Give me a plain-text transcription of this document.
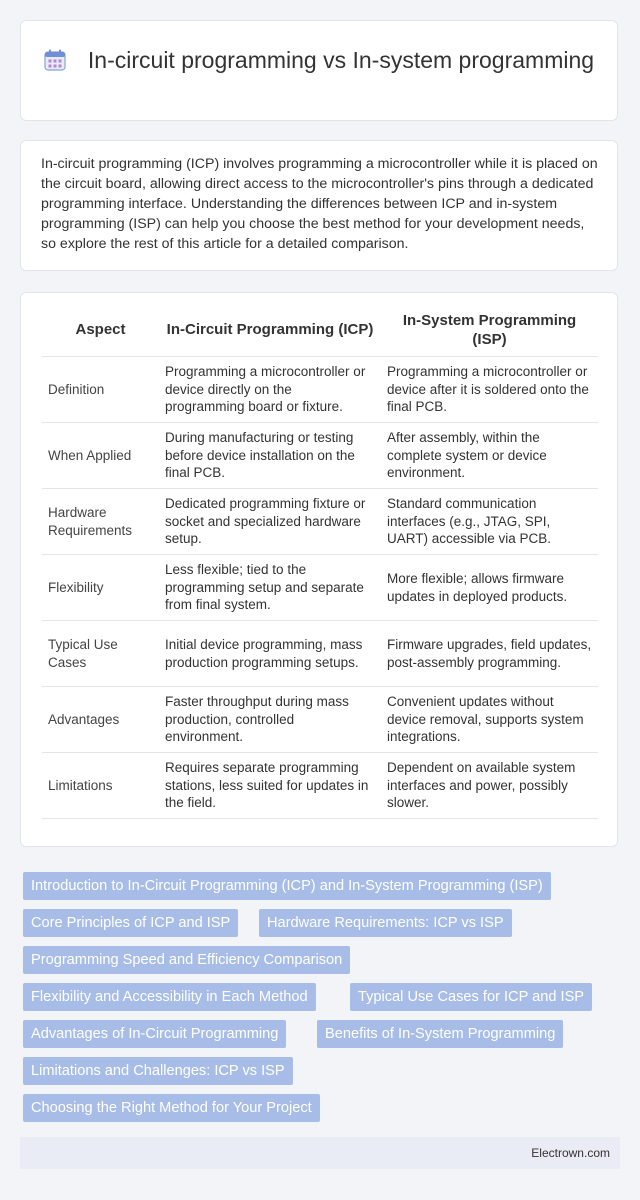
In-circuit programming vs In-system programming

In-circuit programming (ICP) involves programming a microcontroller while it is placed on the circuit board, allowing direct access to the microcontroller's pins through a dedicated programming interface. Understanding the differences between ICP and in-system programming (ISP) can help you choose the best method for your development needs, so explore the rest of this article for a detailed comparison.

Aspect	In-Circuit Programming (ICP)	In-System Programming (ISP)
Definition	Programming a microcontroller or device directly on the programming board or fixture.	Programming a microcontroller or device after it is soldered onto the final PCB.
When Applied	During manufacturing or testing before device installation on the final PCB.	After assembly, within the complete system or device environment.
Hardware Requirements	Dedicated programming fixture or socket and specialized hardware setup.	Standard communication interfaces (e.g., JTAG, SPI, UART) accessible via PCB.
Flexibility	Less flexible; tied to the programming setup and separate from final system.	More flexible; allows firmware updates in deployed products.
Typical Use Cases	Initial device programming, mass production programming setups.	Firmware upgrades, field updates, post-assembly programming.
Advantages	Faster throughput during mass production, controlled environment.	Convenient updates without device removal, supports system integrations.
Limitations	Requires separate programming stations, less suited for updates in the field.	Dependent on available system interfaces and power, possibly slower.
Introduction to In-Circuit Programming (ICP) and In-System Programming (ISP)
Core Principles of ICP and ISP	Hardware Requirements: ICP vs ISP
Programming Speed and Efficiency Comparison
Flexibility and Accessibility in Each Method	Typical Use Cases for ICP and ISP
Advantages of In-Circuit Programming	Benefits of In-System Programming
Limitations and Challenges: ICP vs ISP
Choosing the Right Method for Your Project
Electrown.com
